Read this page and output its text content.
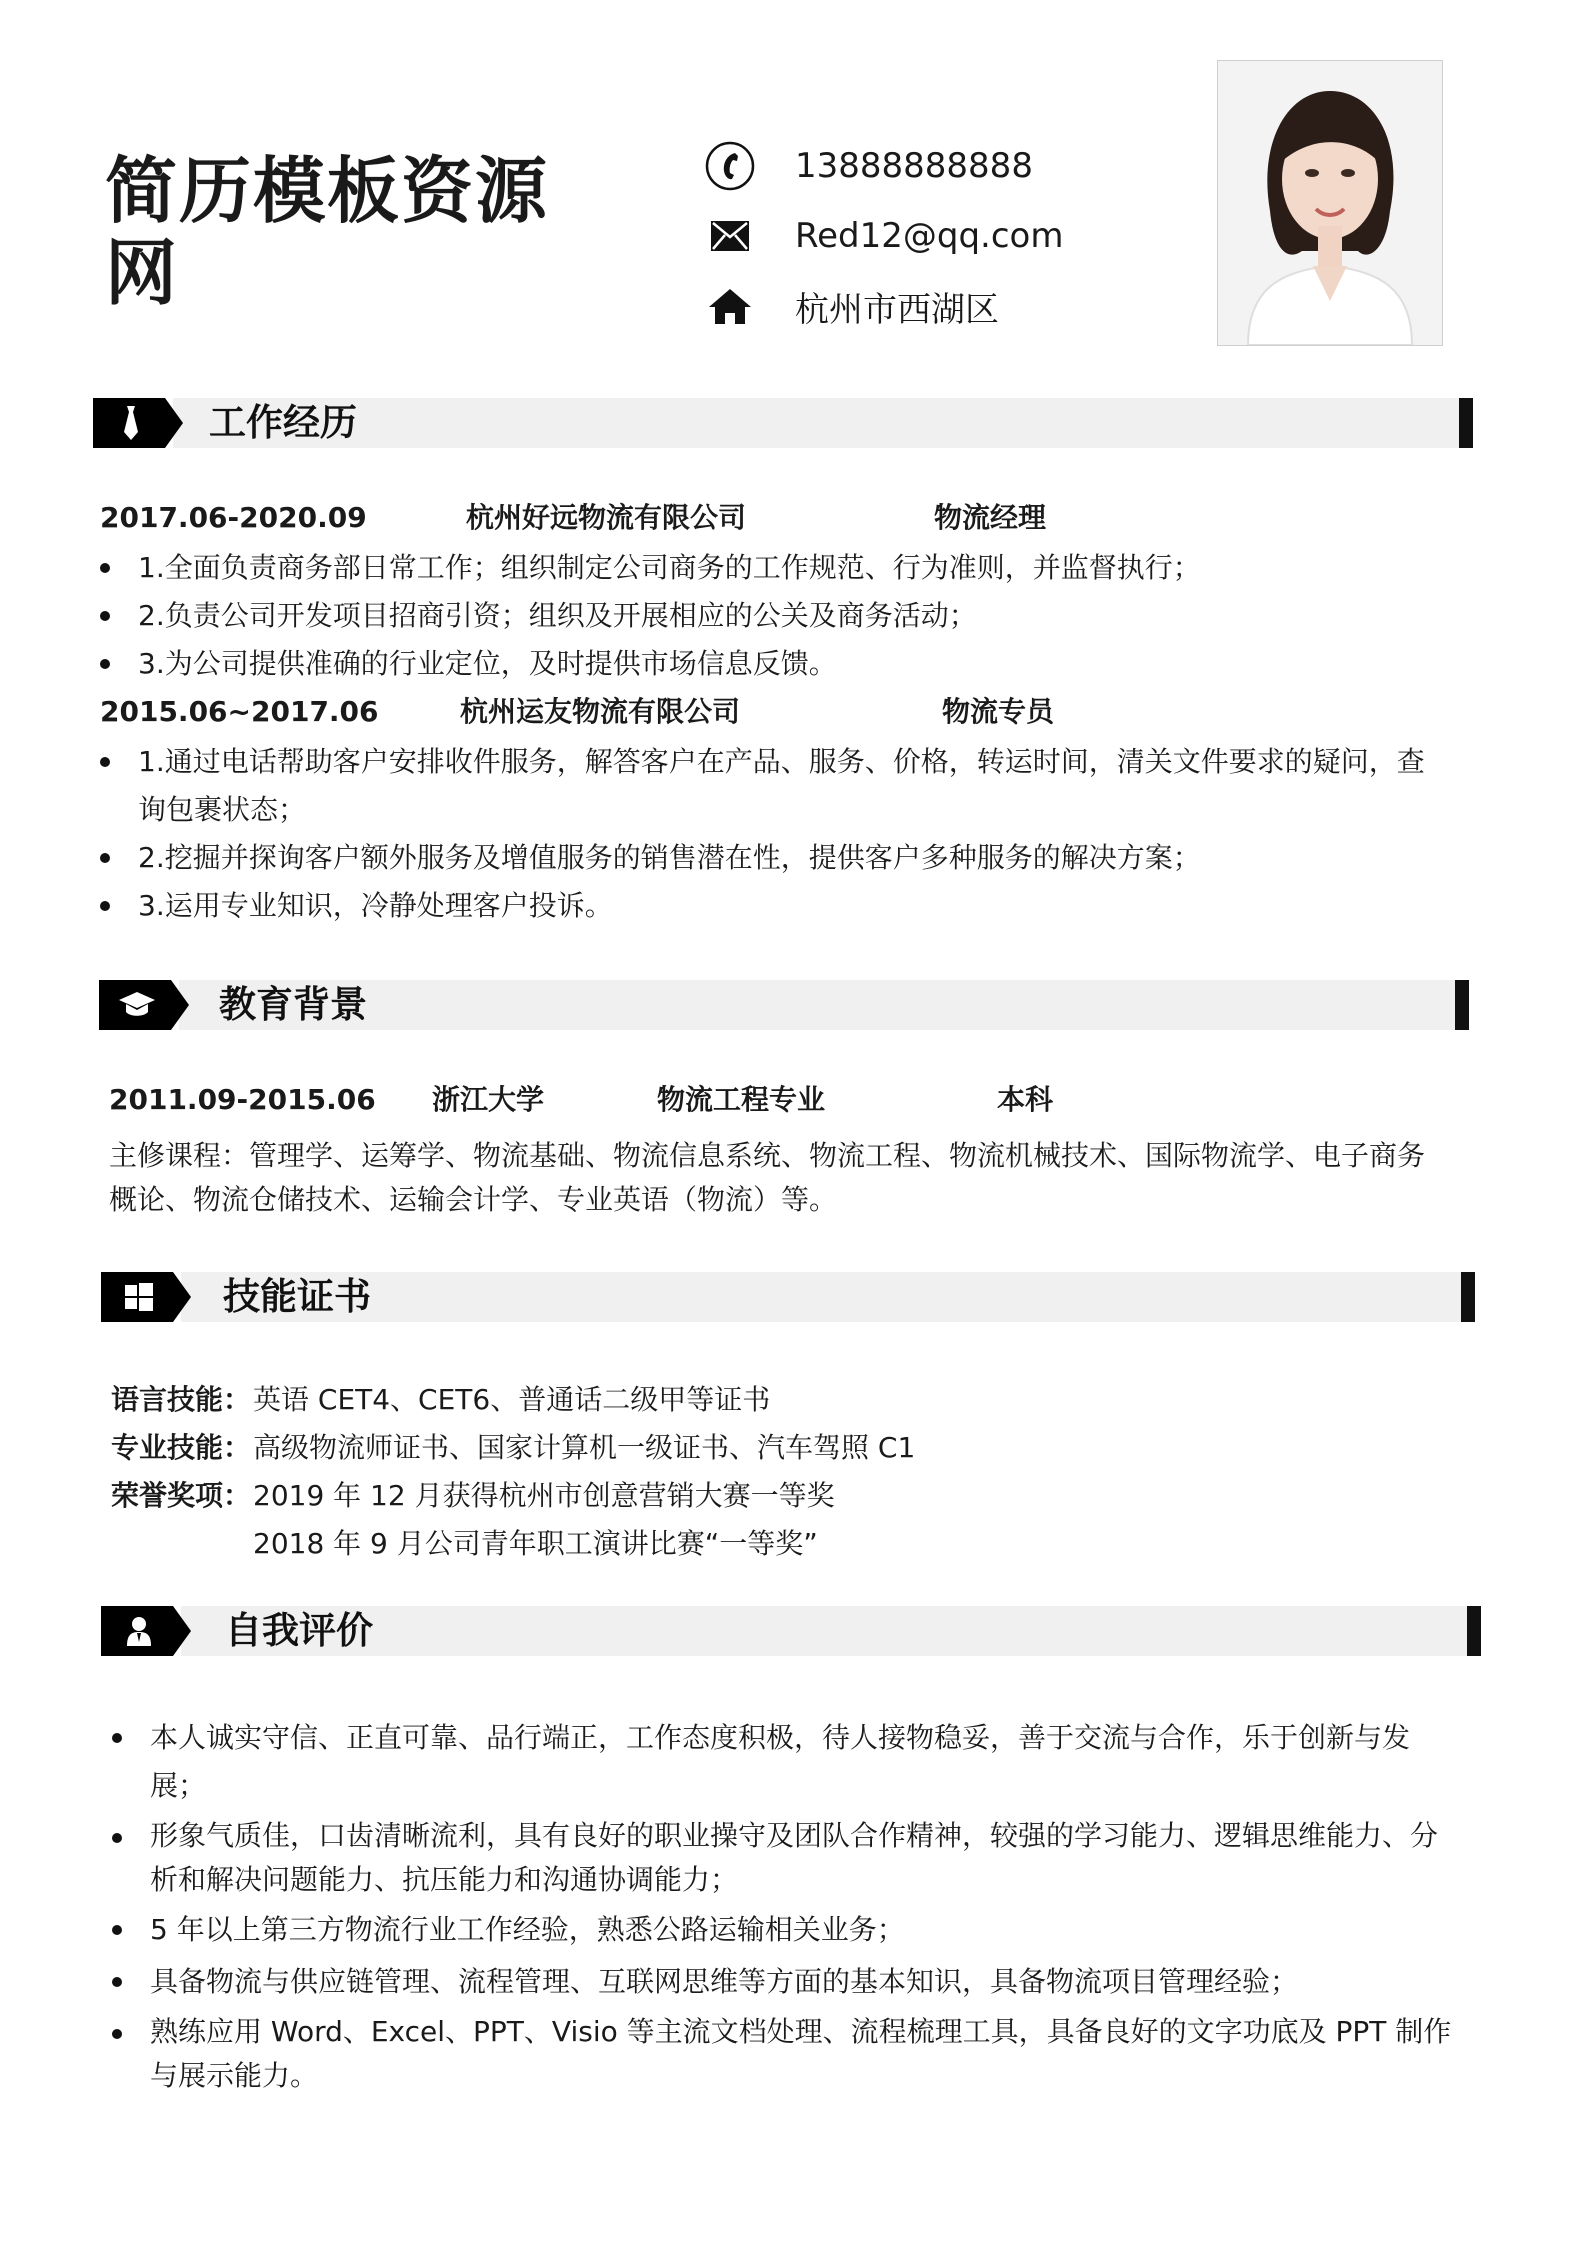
简历模板资源网
13888888888
Red12@qq.com
杭州市西湖区
工作经历
2017.06-2020.09	杭州好远物流有限公司	物流经理
1.全面负责商务部日常工作；组织制定公司商务的工作规范、行为准则，并监督执行；
2.负责公司开发项目招商引资；组织及开展相应的公关及商务活动；
3.为公司提供准确的行业定位，及时提供市场信息反馈。
2015.06~2017.06	杭州运友物流有限公司	物流专员
1.通过电话帮助客户安排收件服务，解答客户在产品、服务、价格，转运时间，清关文件要求的疑问，查询包裹状态；
2.挖掘并探询客户额外服务及增值服务的销售潜在性，提供客户多种服务的解决方案；
3.运用专业知识，冷静处理客户投诉。
教育背景
2011.09-2015.06 浙江大学	物流工程专业	本科
主修课程：管理学、运筹学、物流基础、物流信息系统、物流工程、物流机械技术、国际物流学、电子商务概论、物流仓储技术、运输会计学、专业英语（物流）等。
技能证书
语言技能：英语 CET4、CET6、普通话二级甲等证书
专业技能：高级物流师证书、国家计算机一级证书、汽车驾照 C1
荣誉奖项：2019 年 12 月获得杭州市创意营销大赛一等奖
2018 年 9 月公司青年职工演讲比赛“一等奖”
自我评价
本人诚实守信、正直可靠、品行端正，工作态度积极，待人接物稳妥，善于交流与合作，乐于创新与发展；
形象气质佳，口齿清晰流利，具有良好的职业操守及团队合作精神，较强的学习能力、逻辑思维能力、分析和解决问题能力、抗压能力和沟通协调能力；
5 年以上第三方物流行业工作经验，熟悉公路运输相关业务；
具备物流与供应链管理、流程管理、互联网思维等方面的基本知识，具备物流项目管理经验；
熟练应用 Word、Excel、PPT、Visio 等主流文档处理、流程梳理工具，具备良好的文字功底及 PPT 制作与展示能力。
